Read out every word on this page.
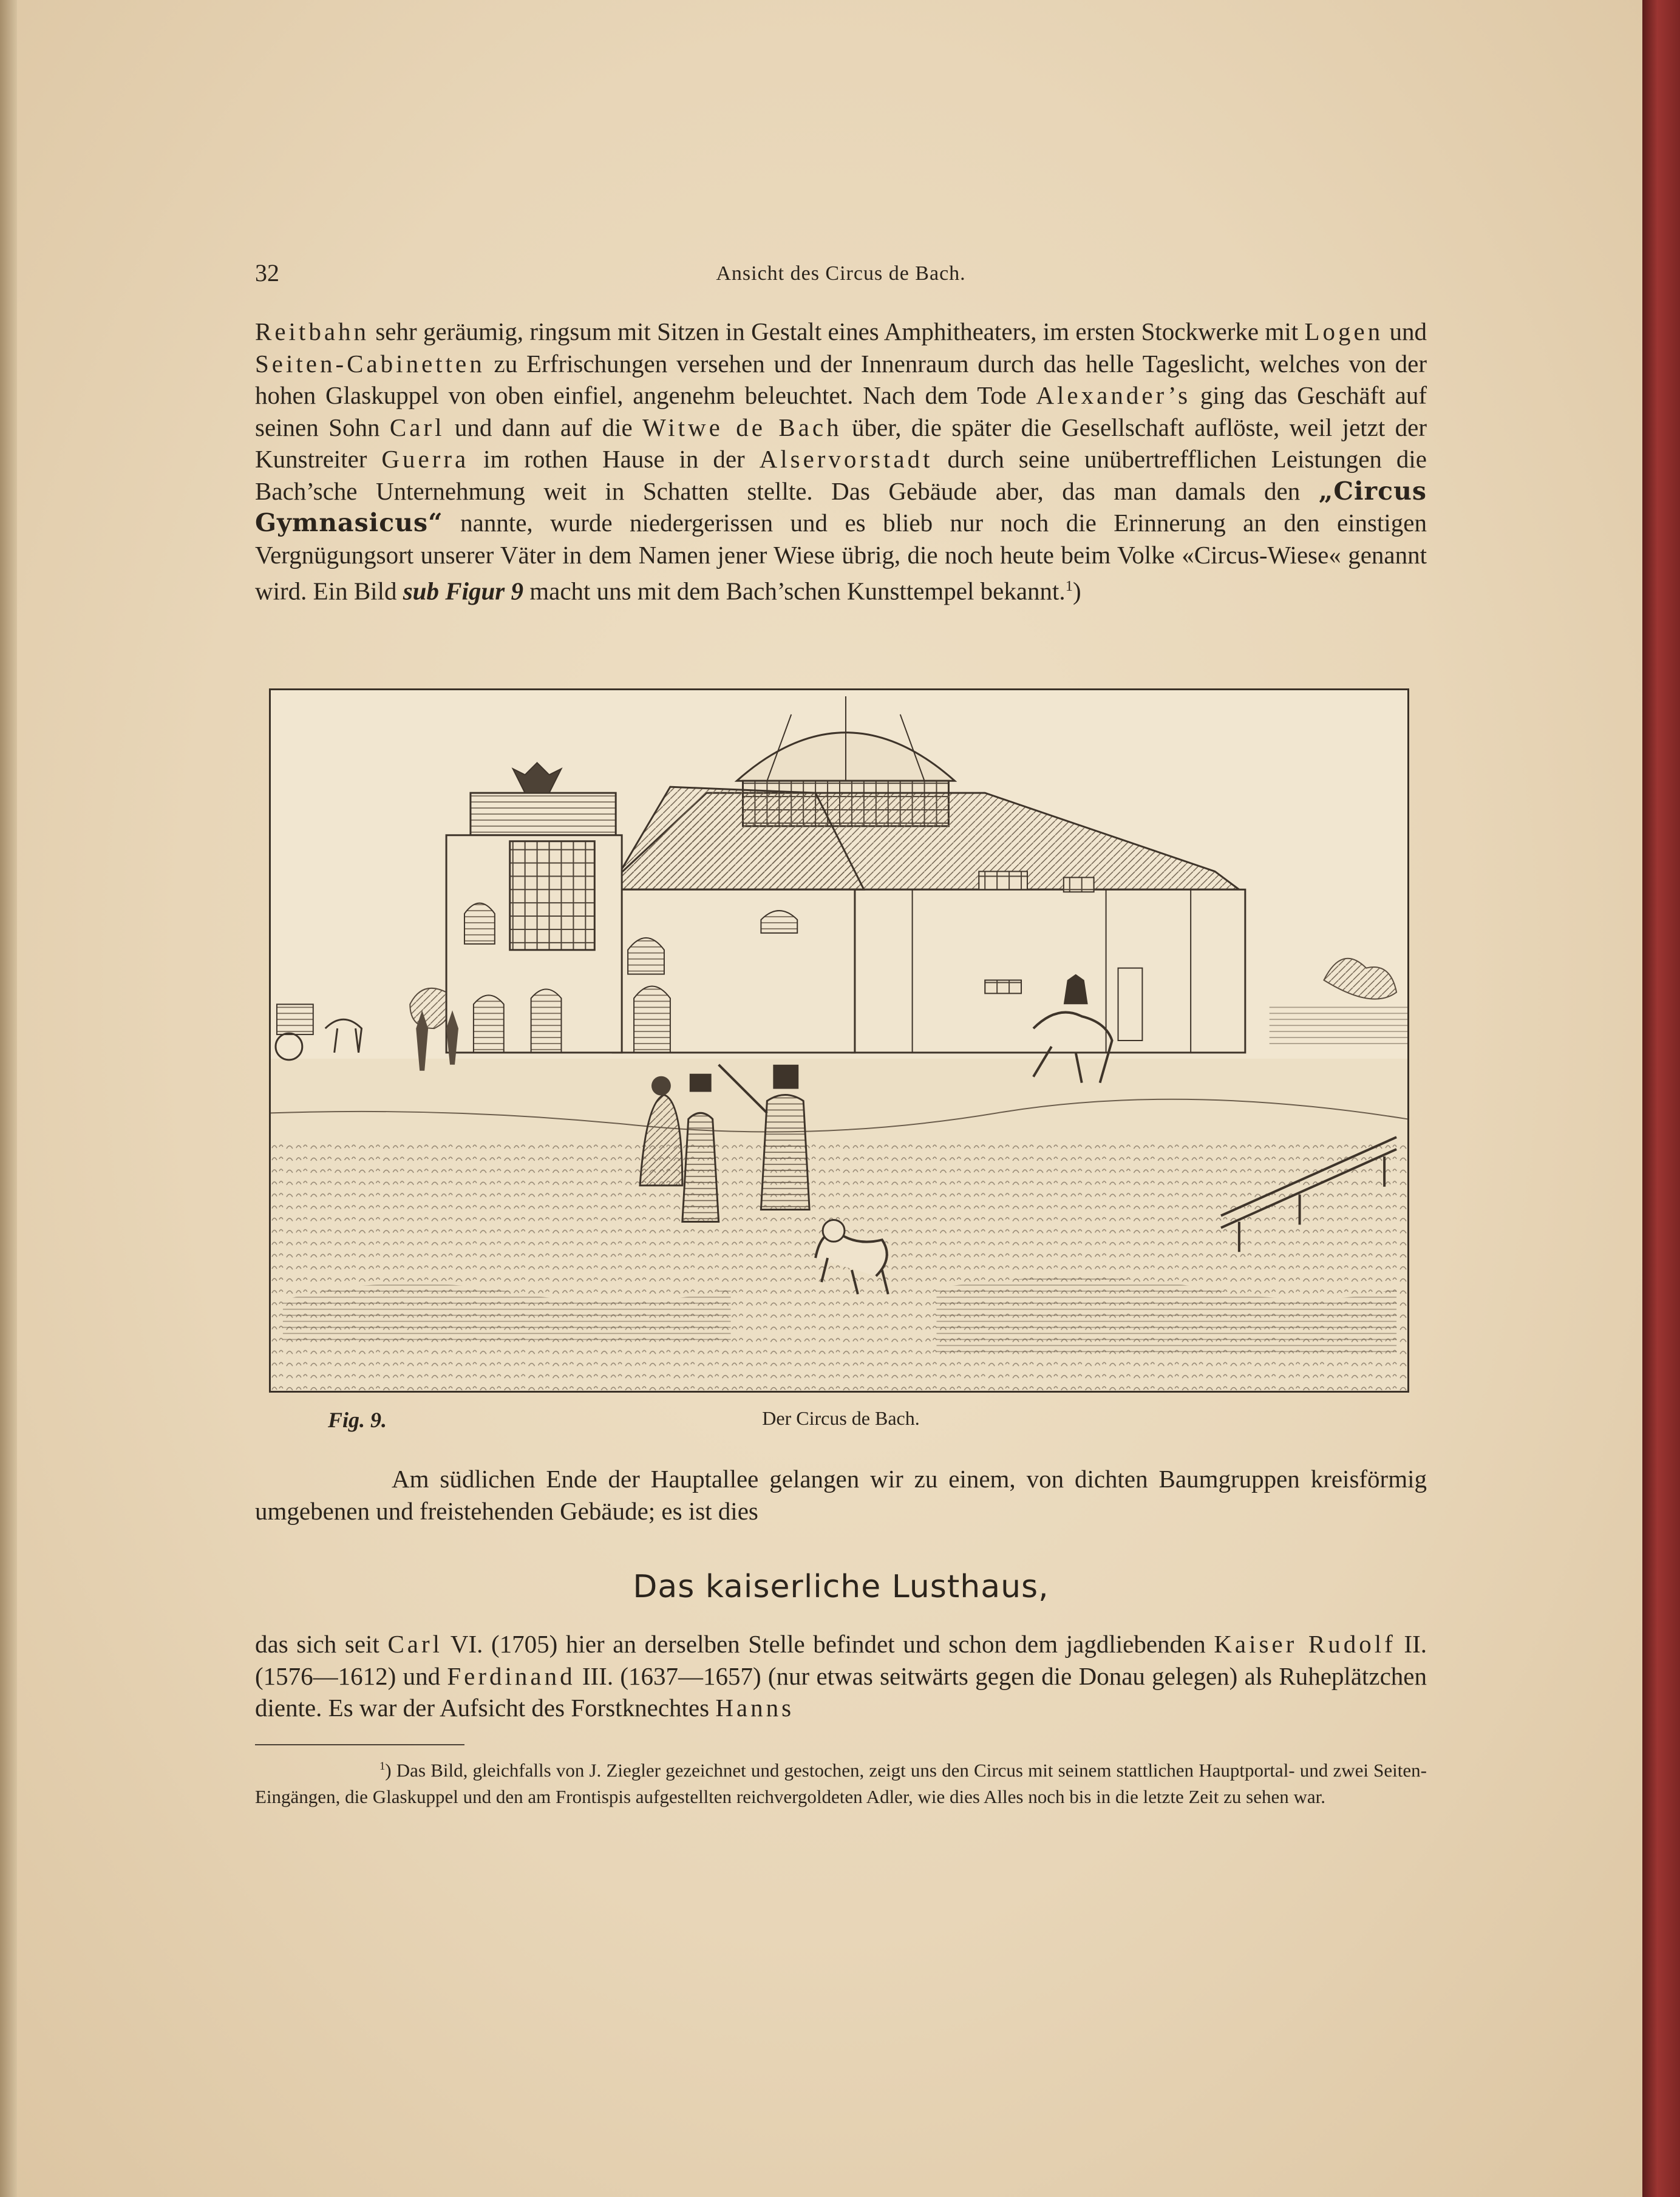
32	Ansicht des Circus de Bach.

Reitbahn sehr geräumig, ringsum mit Sitzen in Gestalt eines Amphitheaters, im ersten Stockwerke mit Logen und Seiten-Cabinetten zu Erfrischungen versehen und der Innenraum durch das helle Tageslicht, welches von der hohen Glaskuppel von oben einfiel, angenehm beleuchtet. Nach dem Tode Alexander’s ging das Geschäft auf seinen Sohn Carl und dann auf die Witwe de Bach über, die später die Gesellschaft auflöste, weil jetzt der Kunstreiter Guerra im rothen Hause in der Alservorstadt durch seine unübertrefflichen Leistungen die Bach’sche Unternehmung weit in Schatten stellte. Das Gebäude aber, das man damals den „Circus Gymnasicus“ nannte, wurde niedergerissen und es blieb nur noch die Erinnerung an den einstigen Vergnügungsort unserer Väter in dem Namen jener Wiese übrig, die noch heute beim Volke «Circus-Wiese« genannt wird. Ein Bild sub Figur 9 macht uns mit dem Bach’schen Kunsttempel bekannt.$^1$)

Fig. 9.	Der Circus de Bach.

Am südlichen Ende der Hauptallee gelangen wir zu einem, von dichten Baumgruppen kreisförmig umgebenen und freistehenden Gebäude; es ist dies

Das kaiserliche Lusthaus,

das sich seit Carl VI. (1705) hier an derselben Stelle befindet und schon dem jagdliebenden Kaiser Rudolf II. (1576—1612) und Ferdinand III. (1637—1657) (nur etwas seitwärts gegen die Donau gelegen) als Ruheplätzchen diente. Es war der Aufsicht des Forstknechtes Hanns

$^1$) Das Bild, gleichfalls von J. Ziegler gezeichnet und gestochen, zeigt uns den Circus mit seinem stattlichen Hauptportal- und zwei Seiten-Eingängen, die Glaskuppel und den am Frontispis aufgestellten reichvergoldeten Adler, wie dies Alles noch bis in die letzte Zeit zu sehen war.
